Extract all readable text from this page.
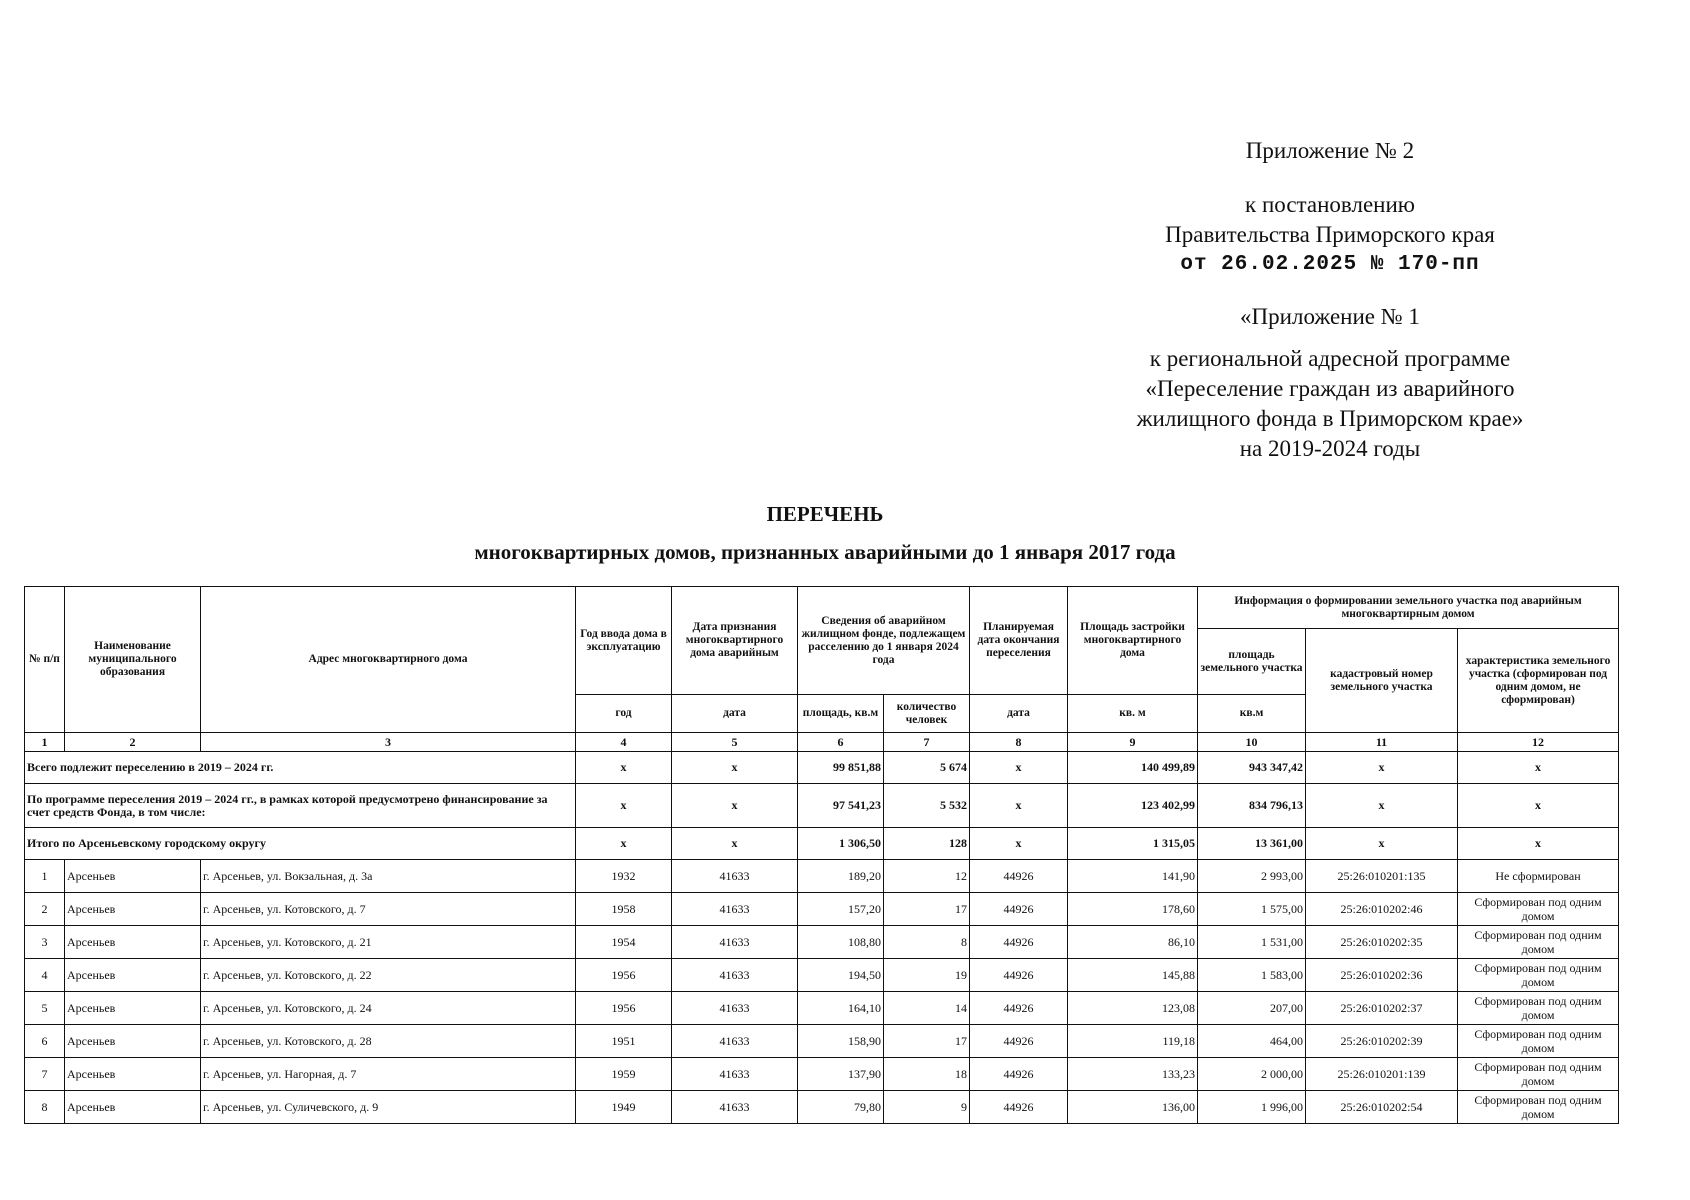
Приложение № 2
к постановлению
Правительства Приморского края
от 26.02.2025 № 170-пп
«Приложение № 1
к региональной адресной программе
«Переселение граждан из аварийного
жилищного фонда в Приморском крае»
на 2019-2024 годы
ПЕРЕЧЕНЬ
многоквартирных домов, признанных аварийными до 1 января 2017 года
№ п/п	Наименование муниципального образования	Адрес многоквартирного дома	Год ввода дома в эксплуатацию	Дата признания многоквартирного дома аварийным	Сведения об аварийном жилищном фонде, подлежащем расселению до 1 января 2024 года		Планируемая дата окончания переселения	Площадь застройки многоквартирного дома	Информация о формировании земельного участка под аварийным многоквартирным домом		
									площадь земельного участка	кадастровый номер земельного участка	характеристика земельного участка (сформирован под одним домом, не сформирован)
			год	дата	площадь, кв.м	количество человек	дата	кв. м	кв.м		
1	2	3	4	5	6	7	8	9	10	11	12
Всего подлежит переселению в 2019 – 2024 гг.			x	x	99 851,88	5 674	x	140 499,89	943 347,42	x	x
По программе переселения 2019 – 2024 гг., в рамках которой предусмотрено финансирование за счет средств Фонда, в том числе:			x	x	97 541,23	5 532	x	123 402,99	834 796,13	x	x
Итого по Арсеньевскому городскому округу			x	x	1 306,50	128	x	1 315,05	13 361,00	x	x
1	Арсеньев	г. Арсеньев, ул. Вокзальная, д. 3а	1932	41633	189,20	12	44926	141,90	2 993,00	25:26:010201:135	Не сформирован
2	Арсеньев	г. Арсеньев, ул. Котовского, д. 7	1958	41633	157,20	17	44926	178,60	1 575,00	25:26:010202:46	Сформирован под одним домом
3	Арсеньев	г. Арсеньев, ул. Котовского, д. 21	1954	41633	108,80	8	44926	86,10	1 531,00	25:26:010202:35	Сформирован под одним домом
4	Арсеньев	г. Арсеньев, ул. Котовского, д. 22	1956	41633	194,50	19	44926	145,88	1 583,00	25:26:010202:36	Сформирован под одним домом
5	Арсеньев	г. Арсеньев, ул. Котовского, д. 24	1956	41633	164,10	14	44926	123,08	207,00	25:26:010202:37	Сформирован под одним домом
6	Арсеньев	г. Арсеньев, ул. Котовского, д. 28	1951	41633	158,90	17	44926	119,18	464,00	25:26:010202:39	Сформирован под одним домом
7	Арсеньев	г. Арсеньев, ул. Нагорная, д. 7	1959	41633	137,90	18	44926	133,23	2 000,00	25:26:010201:139	Сформирован под одним домом
8	Арсеньев	г. Арсеньев, ул. Суличевского, д. 9	1949	41633	79,80	9	44926	136,00	1 996,00	25:26:010202:54	Сформирован под одним домом
